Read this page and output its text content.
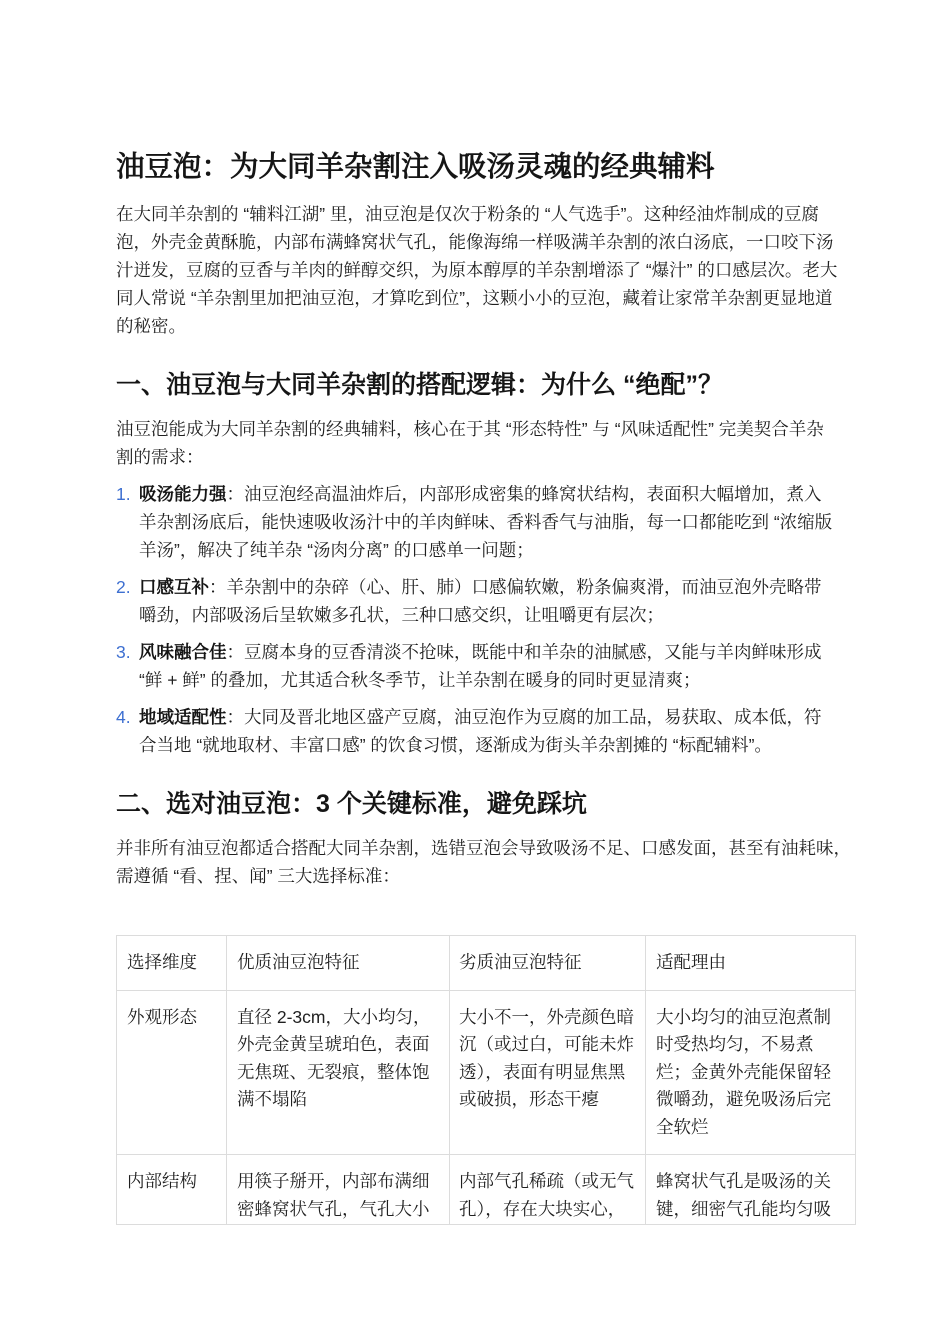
油豆泡：为大同羊杂割注入吸汤灵魂的经典辅料

在大同羊杂割的 “辅料江湖” 里，油豆泡是仅次于粉条的 “人气选手”。这种经油炸制成的豆腐泡，外壳金黄酥脆，内部布满蜂窝状气孔，能像海绵一样吸满羊杂割的浓白汤底，一口咬下汤汁迸发，豆腐的豆香与羊肉的鲜醇交织，为原本醇厚的羊杂割增添了 “爆汁” 的口感层次。老大同人常说 “羊杂割里加把油豆泡，才算吃到位”，这颗小小的豆泡，藏着让家常羊杂割更显地道的秘密。

一、油豆泡与大同羊杂割的搭配逻辑：为什么 “绝配”？

油豆泡能成为大同羊杂割的经典辅料，核心在于其 “形态特性” 与 “风味适配性” 完美契合羊杂割的需求：

1. 吸汤能力强：油豆泡经高温油炸后，内部形成密集的蜂窝状结构，表面积大幅增加，煮入羊杂割汤底后，能快速吸收汤汁中的羊肉鲜味、香料香气与油脂，每一口都能吃到 “浓缩版羊汤”，解决了纯羊杂 “汤肉分离” 的口感单一问题；

2. 口感互补：羊杂割中的杂碎（心、肝、肺）口感偏软嫩，粉条偏爽滑，而油豆泡外壳略带嚼劲，内部吸汤后呈软嫩多孔状，三种口感交织，让咀嚼更有层次；

3. 风味融合佳：豆腐本身的豆香清淡不抢味，既能中和羊杂的油腻感，又能与羊肉鲜味形成 “鲜 + 鲜” 的叠加，尤其适合秋冬季节，让羊杂割在暖身的同时更显清爽；

4. 地域适配性：大同及晋北地区盛产豆腐，油豆泡作为豆腐的加工品，易获取、成本低，符合当地 “就地取材、丰富口感” 的饮食习惯，逐渐成为街头羊杂割摊的 “标配辅料”。

二、选对油豆泡：3 个关键标准，避免踩坑

并非所有油豆泡都适合搭配大同羊杂割，选错豆泡会导致吸汤不足、口感发面，甚至有油耗味，需遵循 “看、捏、闻” 三大选择标准：

选择维度	优质油豆泡特征	劣质油豆泡特征	适配理由
外观形态	直径 2-3cm，大小均匀，外壳金黄呈琥珀色，表面无焦斑、无裂痕，整体饱满不塌陷	大小不一，外壳颜色暗沉（或过白，可能未炸透），表面有明显焦黑或破损，形态干瘪	大小均匀的油豆泡煮制时受热均匀，不易煮烂；金黄外壳能保留轻微嚼劲，避免吸汤后完全软烂
内部结构	用筷子掰开，内部布满细密蜂窝状气孔，气孔大小	内部气孔稀疏（或无气孔），存在大块实心，	蜂窝状气孔是吸汤的关键，细密气孔能均匀吸
